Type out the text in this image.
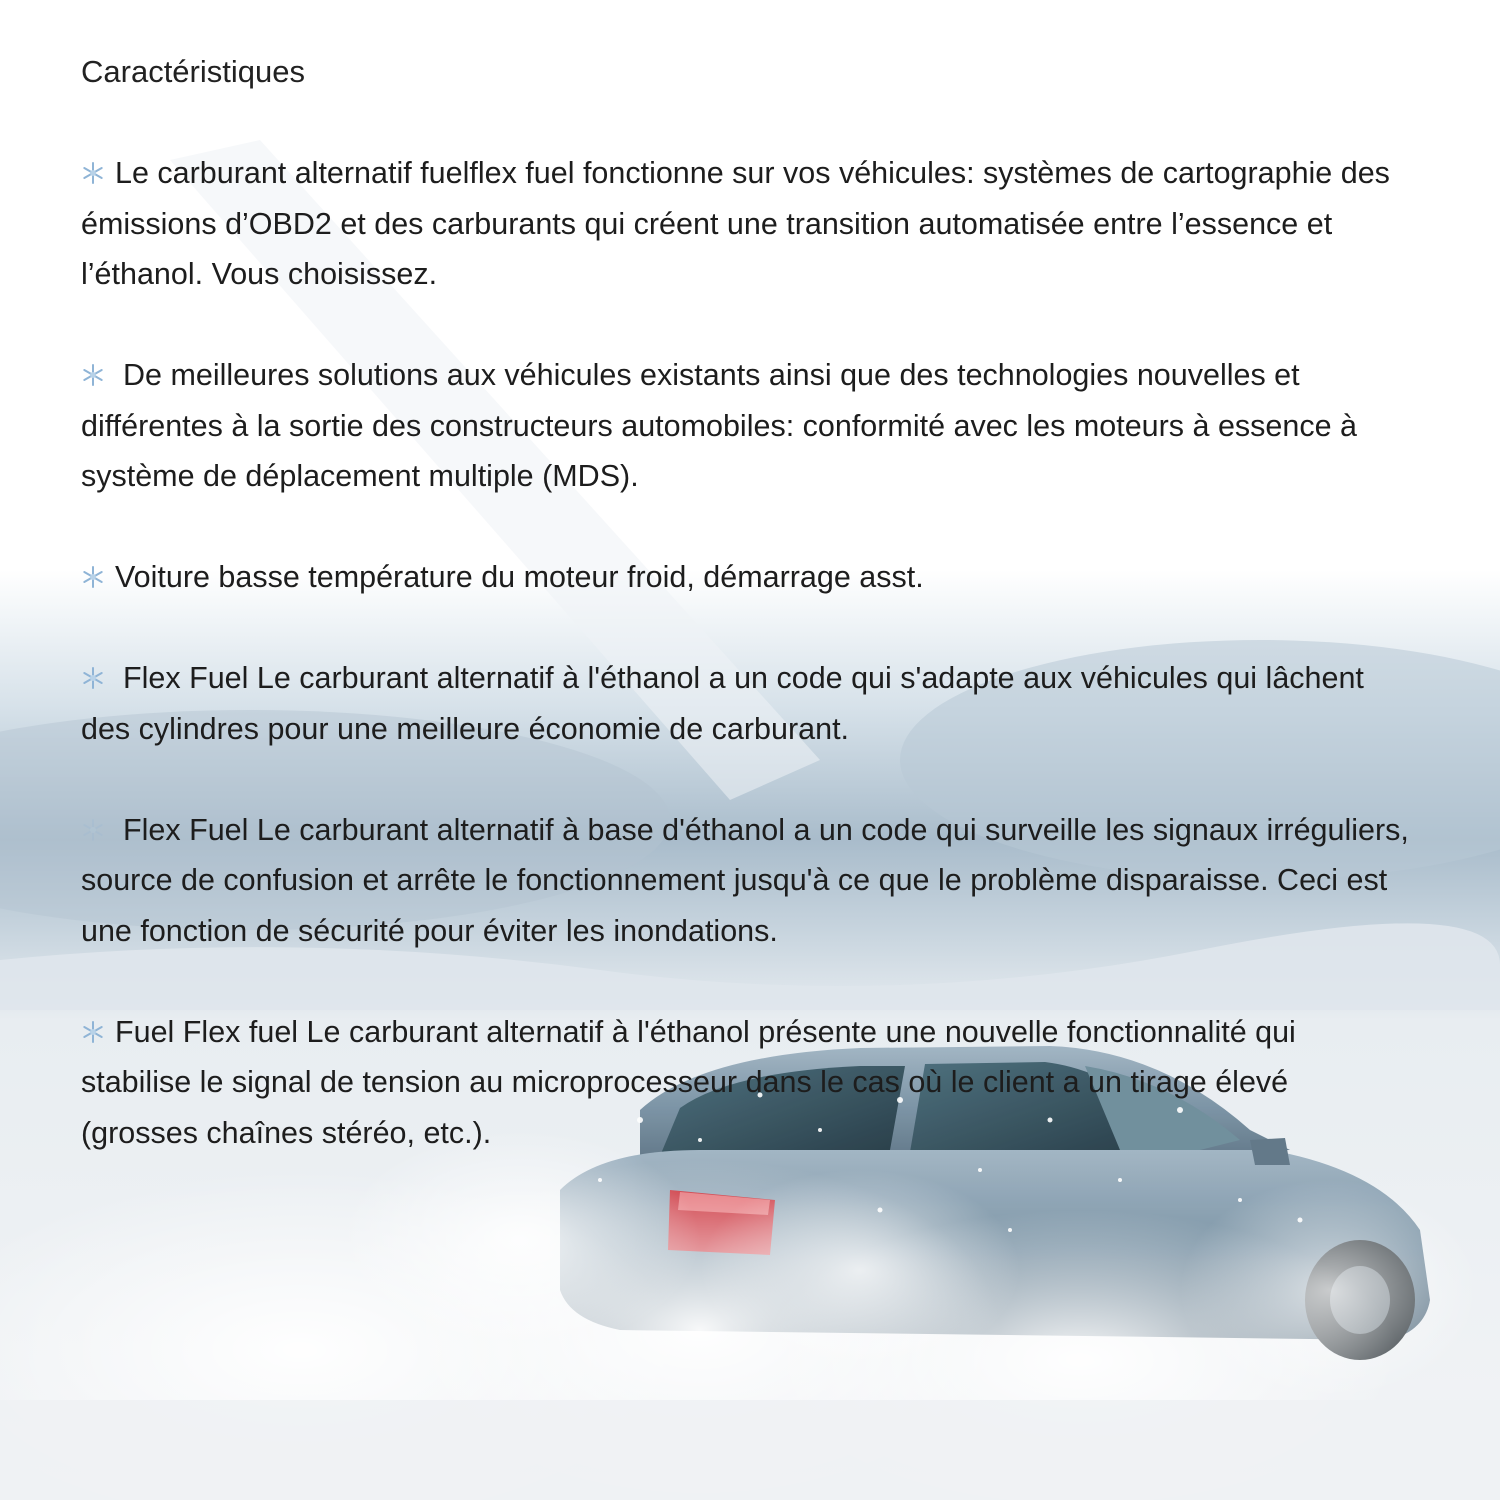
Caractéristiques

Le carburant alternatif fuelflex fuel fonctionne sur vos véhicules: systèmes de cartographie des émissions d’OBD2 et des carburants qui créent une transition automatisée entre l’essence et l’éthanol. Vous choisissez.

De meilleures solutions aux véhicules existants ainsi que des technologies nouvelles et différentes à la sortie des constructeurs automobiles: conformité avec les moteurs à essence à système de déplacement multiple (MDS).

Voiture basse température du moteur froid, démarrage asst.

Flex Fuel Le carburant alternatif à l'éthanol a un code qui s'adapte aux véhicules qui lâchent des cylindres pour une meilleure économie de carburant.

Flex Fuel Le carburant alternatif à base d'éthanol a un code qui surveille les signaux irréguliers, source de confusion et arrête le fonctionnement jusqu'à ce que le problème disparaisse. Ceci est une fonction de sécurité pour éviter les inondations.

Fuel Flex fuel Le carburant alternatif à l'éthanol présente une nouvelle fonctionnalité qui stabilise le signal de tension au microprocesseur dans le cas où le client a un tirage élevé (grosses chaînes stéréo, etc.).
